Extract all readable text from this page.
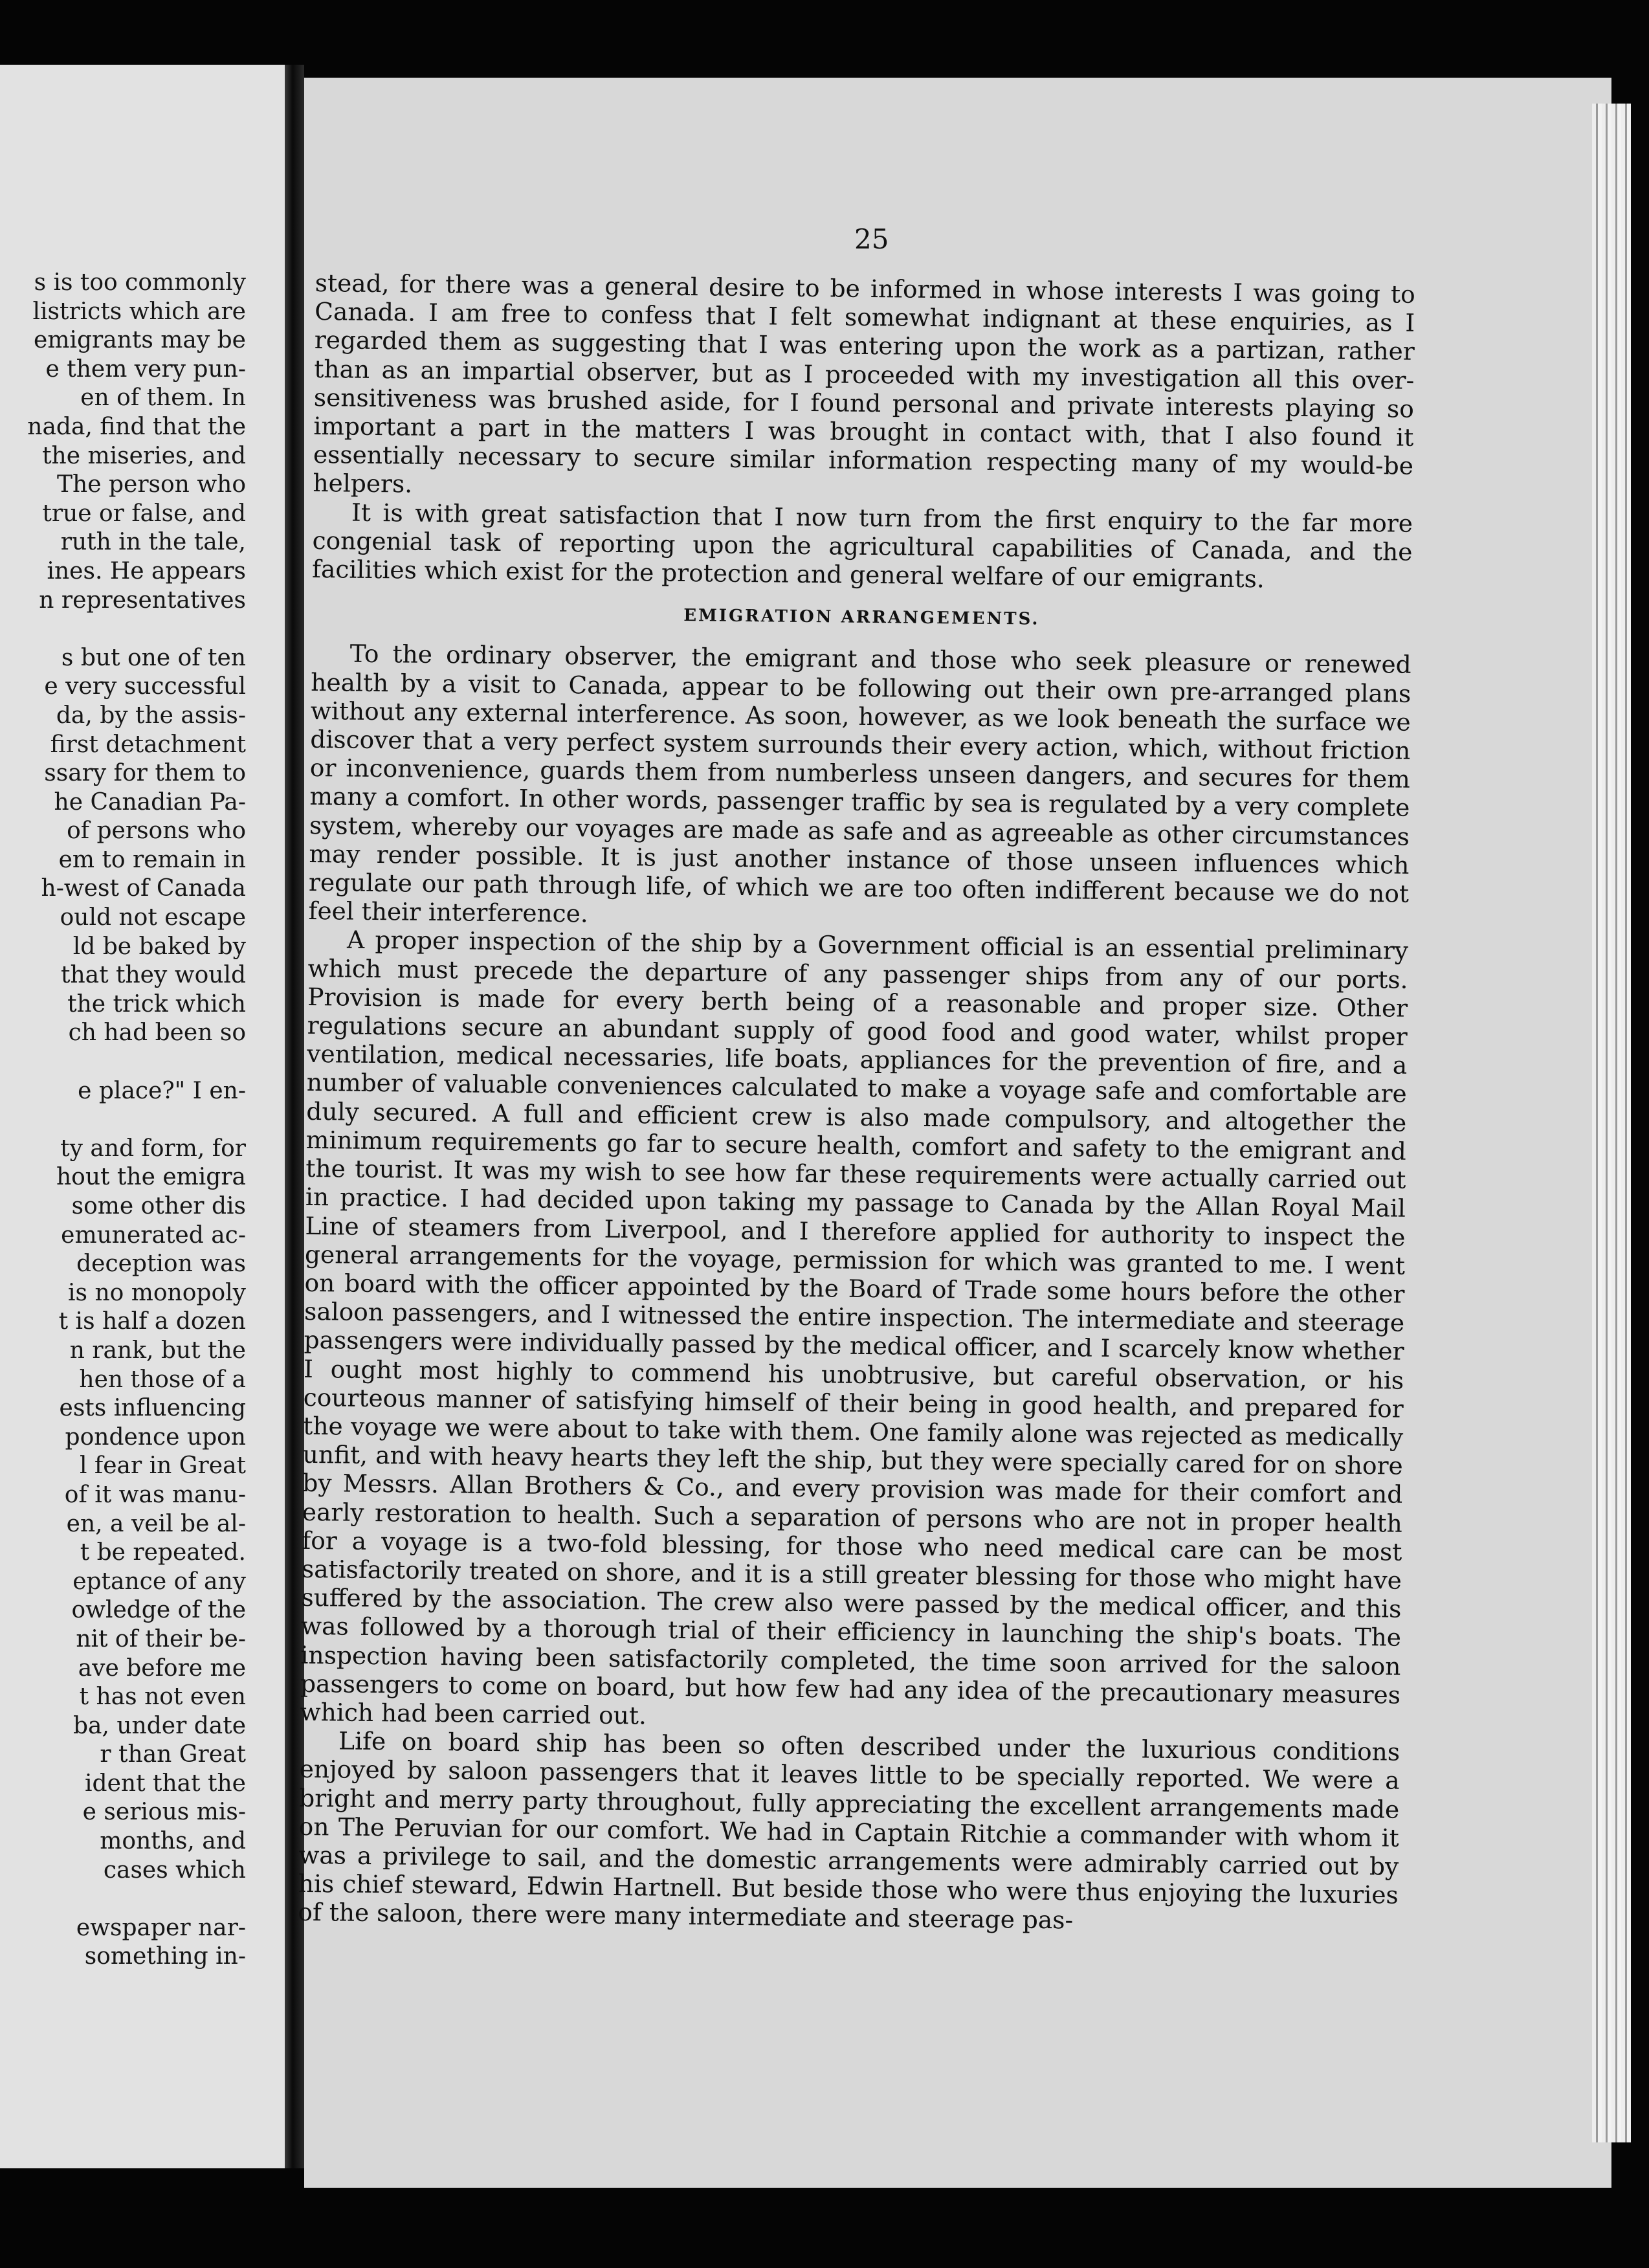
s is too commonly
listricts which are
emigrants may be
e them very pun-
en of them. In
nada, find that the
the miseries, and
The person who
true or false, and
ruth in the tale,
ines. He appears
n representatives
s but one of ten
e very successful
da, by the assis-
first detachment
ssary for them to
he Canadian Pa-
of persons who
em to remain in
h-west of Canada
ould not escape
ld be baked by
that they would
the trick which
ch had been so
e place?" I en-
ty and form, for
hout the emigra
some other dis
emunerated ac-
deception was
is no monopoly
t is half a dozen
n rank, but the
hen those of a
ests influencing
pondence upon
l fear in Great
of it was manu-
en, a veil be al-
t be repeated.
eptance of any
owledge of the
nit of their be-
ave before me
t has not even
ba, under date
r than Great
ident that the
e serious mis-
months, and
cases which
ewspaper nar-
something in-
25

stead, for there was a general desire to be informed in whose interests I was going to Canada. I am free to confess that I felt somewhat indignant at these enquiries, as I regarded them as suggesting that I was entering upon the work as a partizan, rather than as an impartial observer, but as I proceeded with my investigation all this over-sensitiveness was brushed aside, for I found personal and private interests playing so important a part in the matters I was brought in contact with, that I also found it essentially necessary to secure similar information respecting many of my would-be helpers.

It is with great satisfaction that I now turn from the first enquiry to the far more congenial task of reporting upon the agricultural capabilities of Canada, and the facilities which exist for the protection and general welfare of our emigrants.

EMIGRATION ARRANGEMENTS.

To the ordinary observer, the emigrant and those who seek pleasure or renewed health by a visit to Canada, appear to be following out their own pre-arranged plans without any external interference. As soon, however, as we look beneath the surface we discover that a very perfect system surrounds their every action, which, without friction or inconvenience, guards them from numberless unseen dangers, and secures for them many a comfort. In other words, passenger traffic by sea is regulated by a very complete system, whereby our voyages are made as safe and as agreeable as other circumstances may render possible. It is just another instance of those unseen influences which regulate our path through life, of which we are too often indifferent because we do not feel their interference.

A proper inspection of the ship by a Government official is an essential preliminary which must precede the departure of any passenger ships from any of our ports. Provision is made for every berth being of a reasonable and proper size. Other regulations secure an abundant supply of good food and good water, whilst proper ventilation, medical necessaries, life boats, appliances for the prevention of fire, and a number of valuable conveniences calculated to make a voyage safe and comfortable are duly secured. A full and efficient crew is also made compulsory, and altogether the minimum requirements go far to secure health, comfort and safety to the emigrant and the tourist. It was my wish to see how far these requirements were actually carried out in practice. I had decided upon taking my passage to Canada by the Allan Royal Mail Line of steamers from Liverpool, and I therefore applied for authority to inspect the general arrangements for the voyage, permission for which was granted to me. I went on board with the officer appointed by the Board of Trade some hours before the other saloon passengers, and I witnessed the entire inspection. The intermediate and steerage passengers were individually passed by the medical officer, and I scarcely know whether I ought most highly to commend his unobtrusive, but careful observation, or his courteous manner of satisfying himself of their being in good health, and prepared for the voyage we were about to take with them. One family alone was rejected as medically unfit, and with heavy hearts they left the ship, but they were specially cared for on shore by Messrs. Allan Brothers & Co., and every provision was made for their comfort and early restoration to health. Such a separation of persons who are not in proper health for a voyage is a two-fold blessing, for those who need medical care can be most satisfactorily treated on shore, and it is a still greater blessing for those who might have suffered by the association. The crew also were passed by the medical officer, and this was followed by a thorough trial of their efficiency in launching the ship's boats. The inspection having been satisfactorily completed, the time soon arrived for the saloon passengers to come on board, but how few had any idea of the precautionary measures which had been carried out.

Life on board ship has been so often described under the luxurious conditions enjoyed by saloon passengers that it leaves little to be specially reported. We were a bright and merry party throughout, fully appreciating the excellent arrangements made on The Peruvian for our comfort. We had in Captain Ritchie a commander with whom it was a privilege to sail, and the domestic arrangements were admirably carried out by his chief steward, Edwin Hartnell. But beside those who were thus enjoying the luxuries of the saloon, there were many intermediate and steerage pas-
